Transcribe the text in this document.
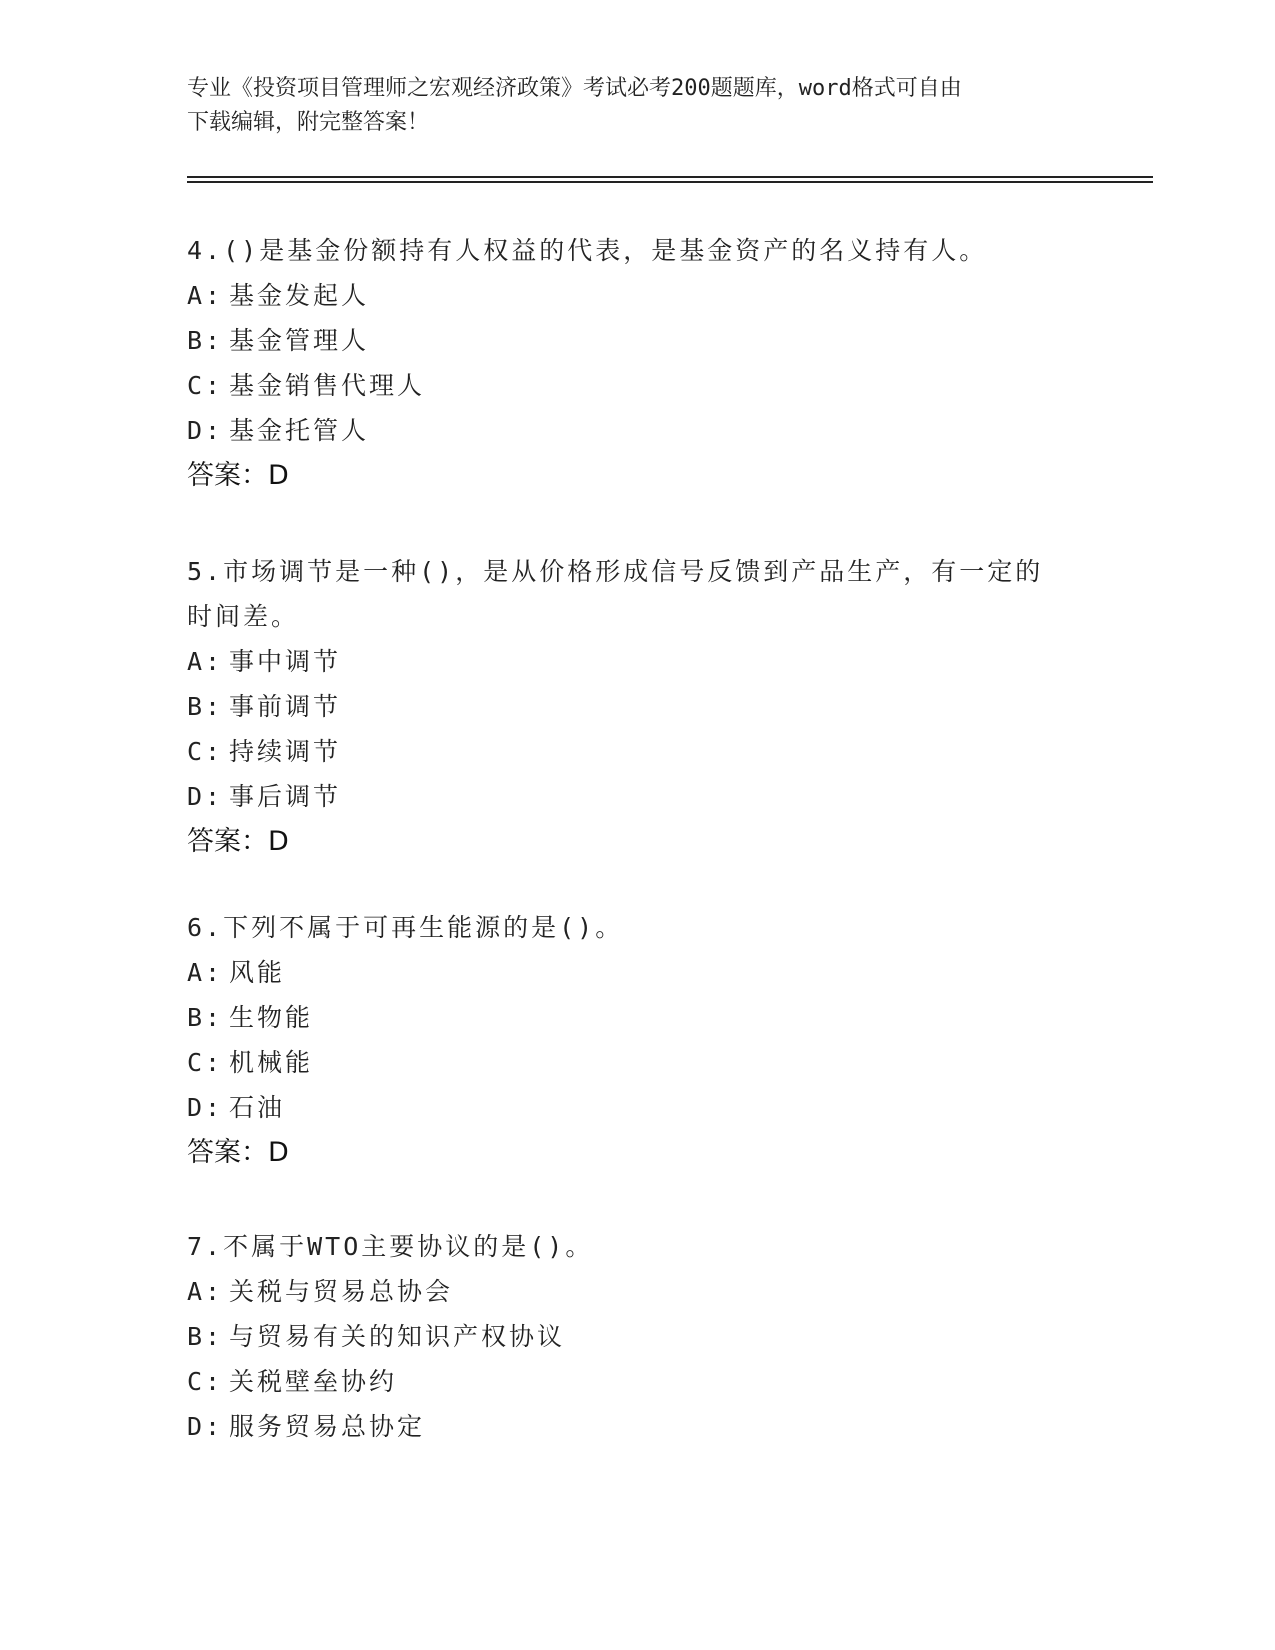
专业《投资项目管理师之宏观经济政策》考试必考200题题库，word格式可自由
下载编辑，附完整答案！
4.()是基金份额持有人权益的代表，是基金资产的名义持有人。
A: 基金发起人
B: 基金管理人
C: 基金销售代理人
D: 基金托管人
答案：D
5.市场调节是一种()，是从价格形成信号反馈到产品生产，有一定的
时间差。
A: 事中调节
B: 事前调节
C: 持续调节
D: 事后调节
答案：D
6.下列不属于可再生能源的是()。
A: 风能
B: 生物能
C: 机械能
D: 石油
答案：D
7.不属于WTO主要协议的是()。
A: 关税与贸易总协会
B: 与贸易有关的知识产权协议
C: 关税壁垒协约
D: 服务贸易总协定
